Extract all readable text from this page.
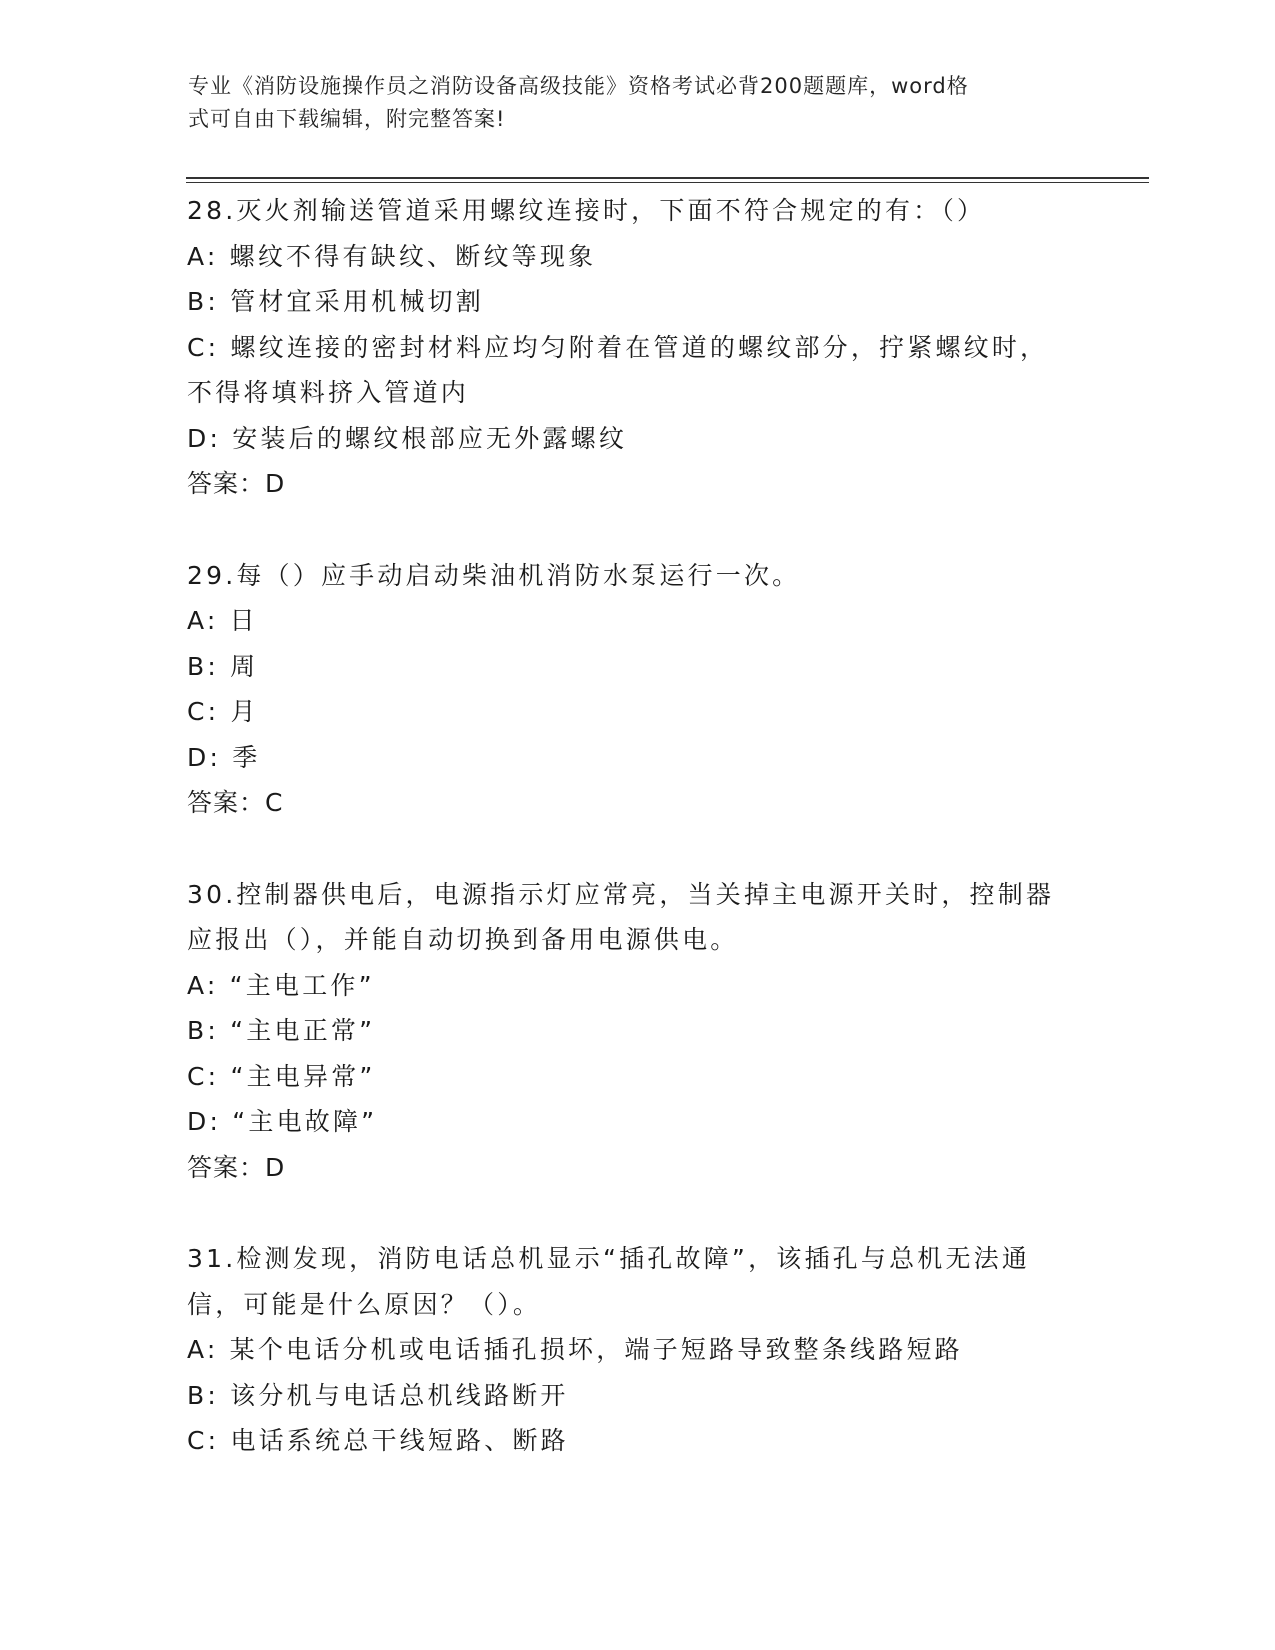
专业《消防设施操作员之消防设备高级技能》资格考试必背200题题库，word格
式可自由下载编辑，附完整答案!
28.灭火剂输送管道采用螺纹连接时，下面不符合规定的有：（）
A: 螺纹不得有缺纹、断纹等现象
B: 管材宜采用机械切割
C: 螺纹连接的密封材料应均匀附着在管道的螺纹部分，拧紧螺纹时，
不得将填料挤入管道内
D: 安装后的螺纹根部应无外露螺纹
答案：D
29.每（）应手动启动柴油机消防水泵运行一次。
A: 日
B: 周
C: 月
D: 季
答案：C
30.控制器供电后，电源指示灯应常亮，当关掉主电源开关时，控制器
应报出（），并能自动切换到备用电源供电。
A: “主电工作”
B: “主电正常”
C: “主电异常”
D: “主电故障”
答案：D
31.检测发现，消防电话总机显示“插孔故障”，该插孔与总机无法通
信，可能是什么原因？（）。
A: 某个电话分机或电话插孔损坏，端子短路导致整条线路短路
B: 该分机与电话总机线路断开
C: 电话系统总干线短路、断路
